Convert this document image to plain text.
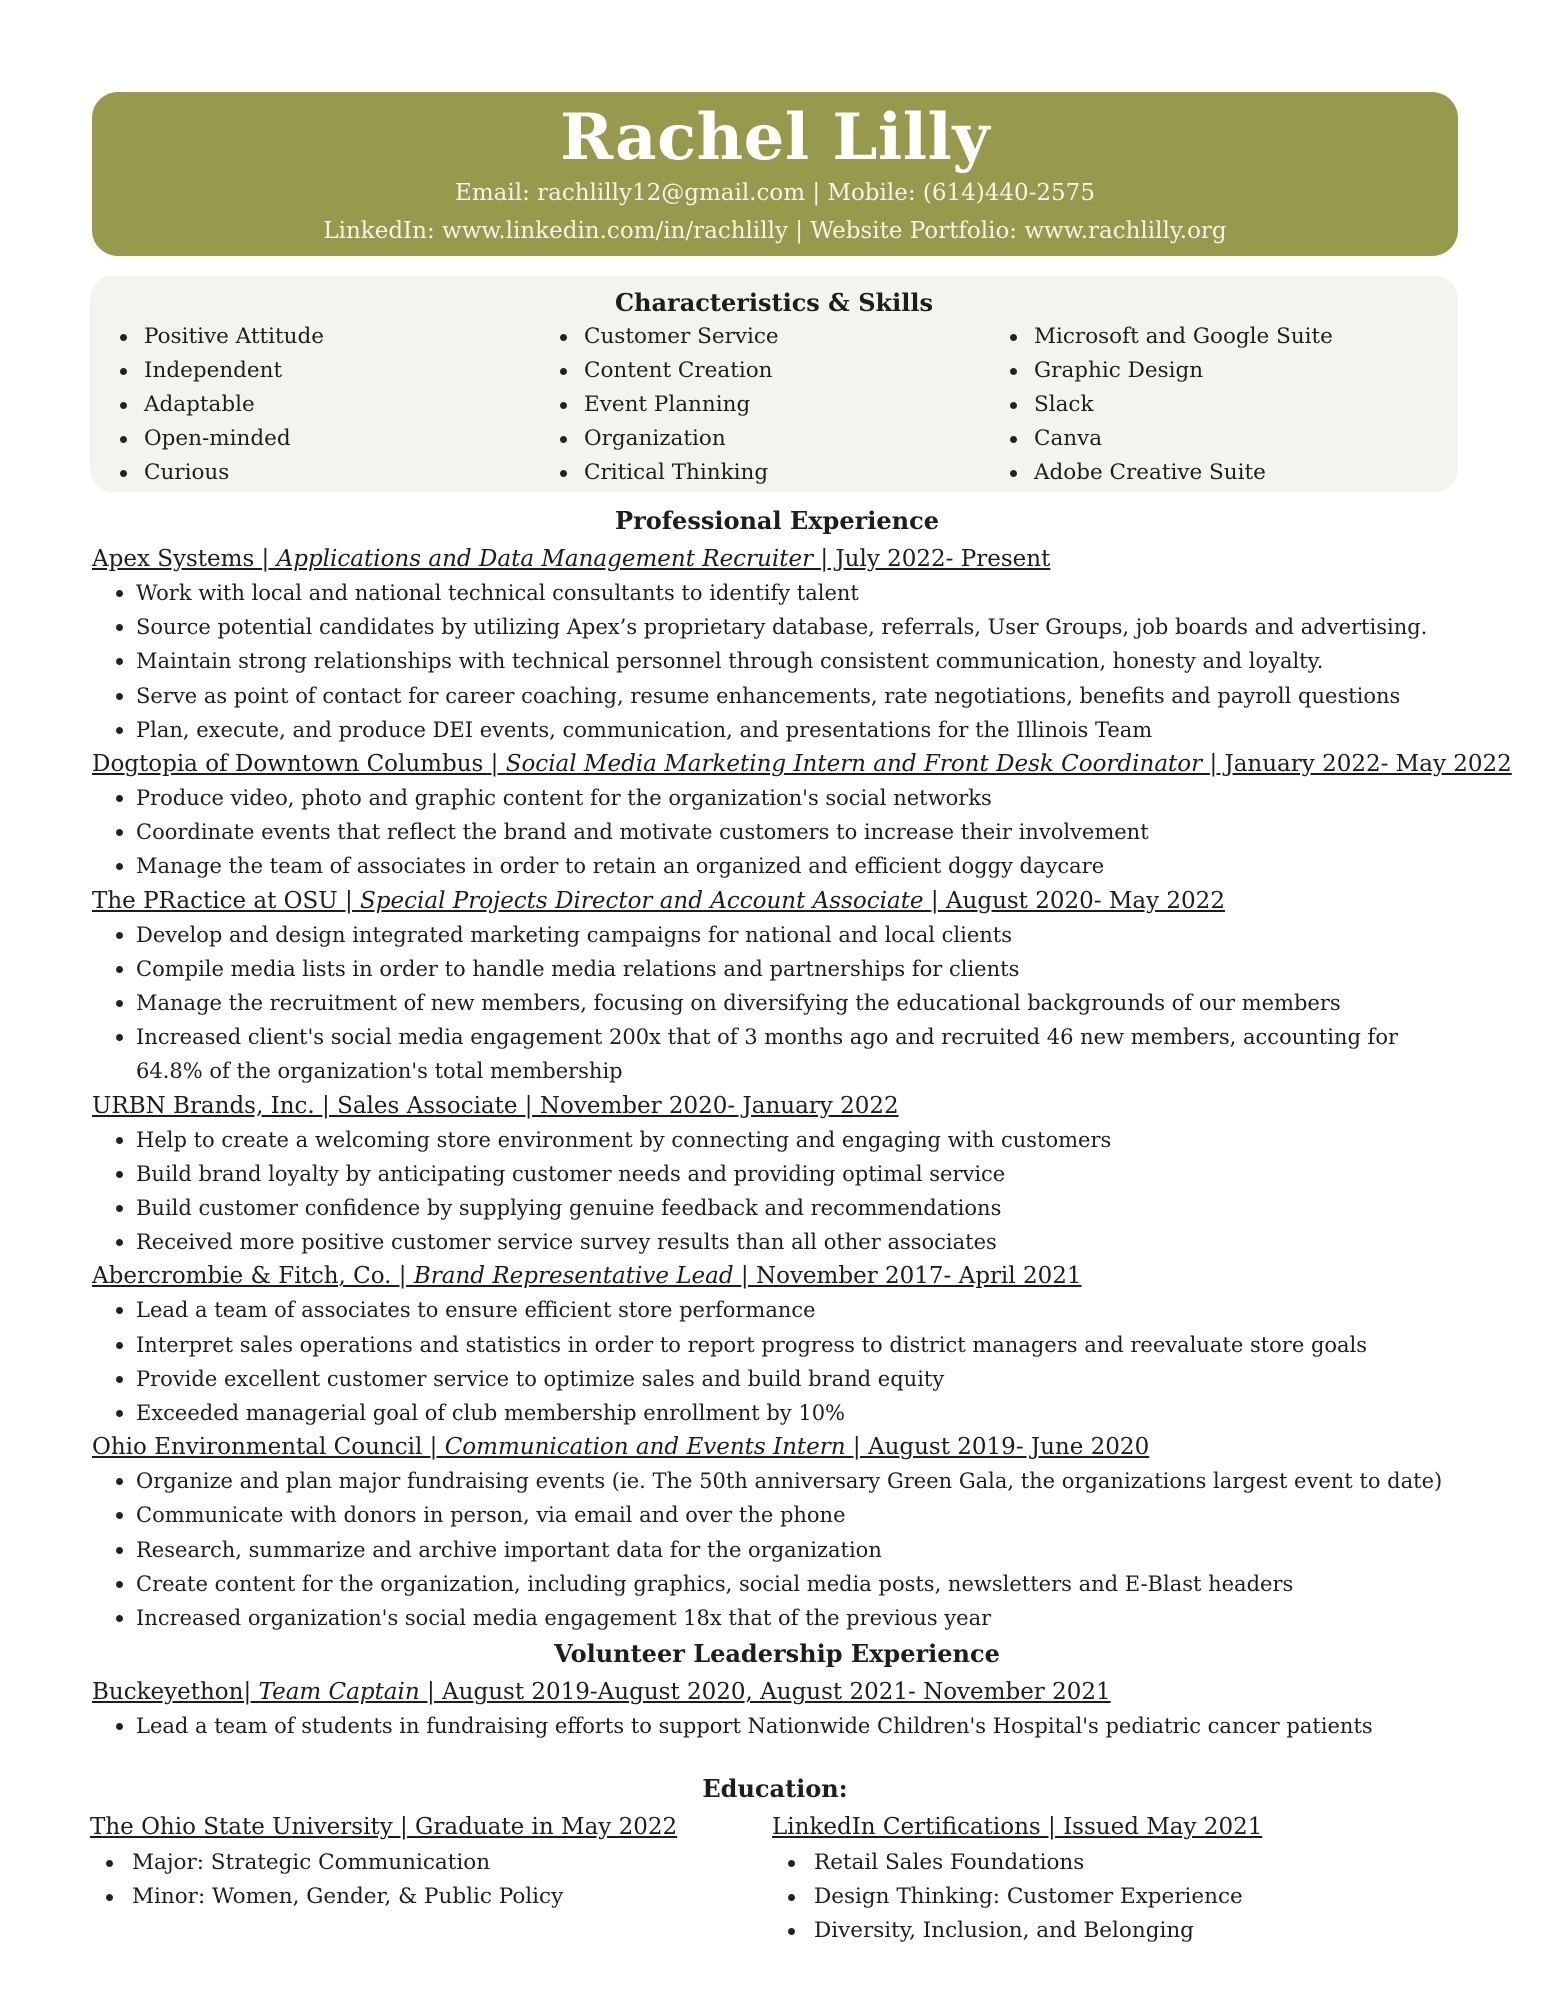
Rachel Lilly
Email: rachlilly12@gmail.com | Mobile: (614)440-2575
LinkedIn: www.linkedin.com/in/rachlilly | Website Portfolio: www.rachlilly.org
Characteristics & Skills
Positive Attitude
Independent
Adaptable
Open-minded
Curious
Customer Service
Content Creation
Event Planning
Organization
Critical Thinking
Microsoft and Google Suite
Graphic Design
Slack
Canva
Adobe Creative Suite
Professional Experience
Apex Systems | Applications and Data Management Recruiter | July 2022- Present
Work with local and national technical consultants to identify talent
Source potential candidates by utilizing Apex’s proprietary database, referrals, User Groups, job boards and advertising.
Maintain strong relationships with technical personnel through consistent communication, honesty and loyalty.
Serve as point of contact for career coaching, resume enhancements, rate negotiations, benefits and payroll questions
Plan, execute, and produce DEI events, communication, and presentations for the Illinois Team
Dogtopia of Downtown Columbus | Social Media Marketing Intern and Front Desk Coordinator | January 2022- May 2022
Produce video, photo and graphic content for the organization's social networks
Coordinate events that reflect the brand and motivate customers to increase their involvement
Manage the team of associates in order to retain an organized and efficient doggy daycare
The PRactice at OSU | Special Projects Director and Account Associate | August 2020- May 2022
Develop and design integrated marketing campaigns for national and local clients
Compile media lists in order to handle media relations and partnerships for clients
Manage the recruitment of new members, focusing on diversifying the educational backgrounds of our members
Increased client's social media engagement 200x that of 3 months ago and recruited 46 new members, accounting for 64.8% of the organization's total membership
URBN Brands, Inc. | Sales Associate | November 2020- January 2022
Help to create a welcoming store environment by connecting and engaging with customers
Build brand loyalty by anticipating customer needs and providing optimal service
Build customer confidence by supplying genuine feedback and recommendations
Received more positive customer service survey results than all other associates
Abercrombie & Fitch, Co. | Brand Representative Lead | November 2017- April 2021
Lead a team of associates to ensure efficient store performance
Interpret sales operations and statistics in order to report progress to district managers and reevaluate store goals
Provide excellent customer service to optimize sales and build brand equity
Exceeded managerial goal of club membership enrollment by 10%
Ohio Environmental Council | Communication and Events Intern | August 2019- June 2020
Organize and plan major fundraising events (ie. The 50th anniversary Green Gala, the organizations largest event to date)
Communicate with donors in person, via email and over the phone
Research, summarize and archive important data for the organization
Create content for the organization, including graphics, social media posts, newsletters and E-Blast headers
Increased organization's social media engagement 18x that of the previous year
Volunteer Leadership Experience
Buckeyethon| Team Captain | August 2019-August 2020, August 2021- November 2021
Lead a team of students in fundraising efforts to support Nationwide Children's Hospital's pediatric cancer patients
Education:
The Ohio State University | Graduate in May 2022
Major: Strategic Communication
Minor: Women, Gender, & Public Policy
LinkedIn Certifications | Issued May 2021
Retail Sales Foundations
Design Thinking: Customer Experience
Diversity, Inclusion, and Belonging
